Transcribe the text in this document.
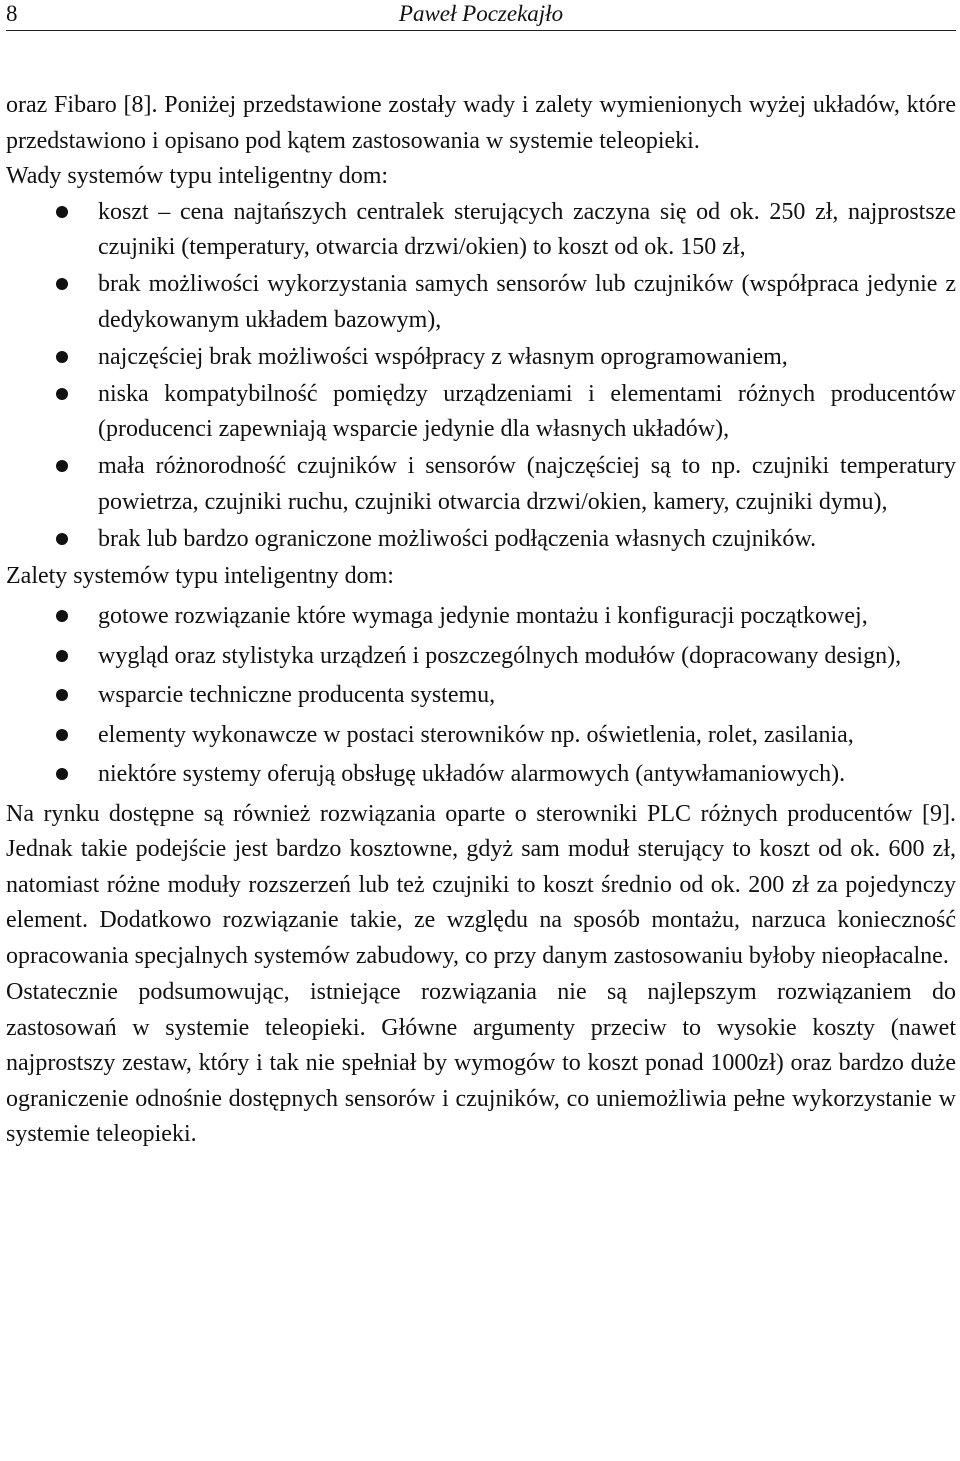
8	Paweł Poczekajło

oraz Fibaro [8]. Poniżej przedstawione zostały wady i zalety wymienionych wyżej układów, które przedstawiono i opisano pod kątem zastosowania w systemie teleopieki.

Wady systemów typu inteligentny dom:

koszt – cena najtańszych centralek sterujących zaczyna się od ok. 250 zł, najprostsze czujniki (temperatury, otwarcia drzwi/okien) to koszt od ok. 150 zł,
brak możliwości wykorzystania samych sensorów lub czujników (współpraca jedynie z dedykowanym układem bazowym),
najczęściej brak możliwości współpracy z własnym oprogramowaniem,
niska kompatybilność pomiędzy urządzeniami i elementami różnych producentów (producenci zapewniają wsparcie jedynie dla własnych układów),
mała różnorodność czujników i sensorów (najczęściej są to np. czujniki temperatury powietrza, czujniki ruchu, czujniki otwarcia drzwi/okien, kamery, czujniki dymu),
brak lub bardzo ograniczone możliwości podłączenia własnych czujników.

Zalety systemów typu inteligentny dom:

gotowe rozwiązanie które wymaga jedynie montażu i konfiguracji początkowej,
wygląd oraz stylistyka urządzeń i poszczególnych modułów (dopracowany design),
wsparcie techniczne producenta systemu,
elementy wykonawcze w postaci sterowników np. oświetlenia, rolet, zasilania,
niektóre systemy oferują obsługę układów alarmowych (antywłamaniowych).

Na rynku dostępne są również rozwiązania oparte o sterowniki PLC różnych producentów [9]. Jednak takie podejście jest bardzo kosztowne, gdyż sam moduł sterujący to koszt od ok. 600 zł, natomiast różne moduły rozszerzeń lub też czujniki to koszt średnio od ok. 200 zł za pojedynczy element. Dodatkowo rozwiązanie takie, ze względu na sposób montażu, narzuca konieczność opracowania specjalnych systemów zabudowy, co przy danym zastosowaniu byłoby nieopłacalne.

Ostatecznie podsumowując, istniejące rozwiązania nie są najlepszym rozwiązaniem do zastosowań w systemie teleopieki. Główne argumenty przeciw to wysokie koszty (nawet najprostszy zestaw, który i tak nie spełniał by wymogów to koszt ponad 1000zł) oraz bardzo duże ograniczenie odnośnie dostępnych sensorów i czujników, co uniemożliwia pełne wykorzystanie w systemie teleopieki.
